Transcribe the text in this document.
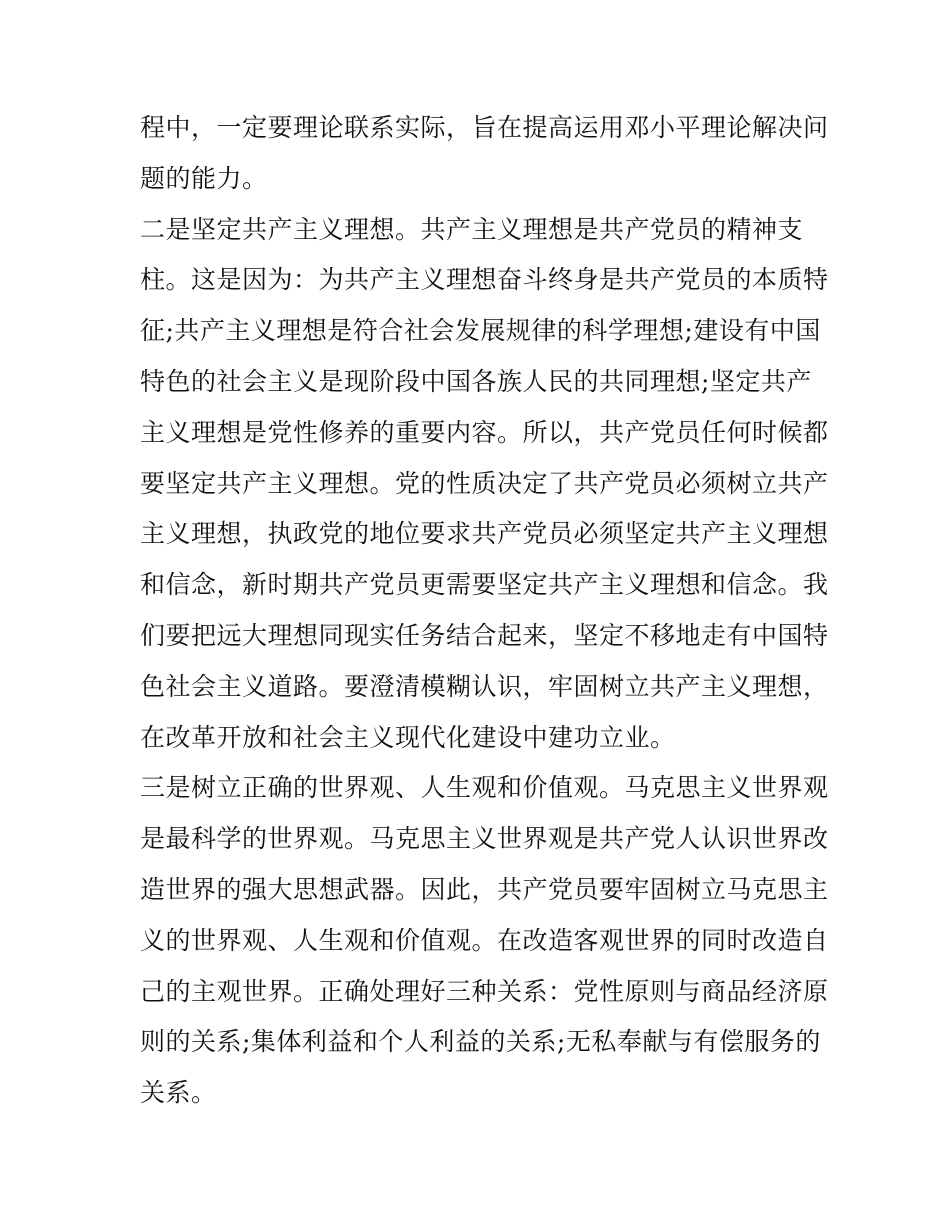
程中，一定要理论联系实际，旨在提高运用邓小平理论解决问
题的能力。
二是坚定共产主义理想。共产主义理想是共产党员的精神支
柱。这是因为：为共产主义理想奋斗终身是共产党员的本质特
征;共产主义理想是符合社会发展规律的科学理想;建设有中国
特色的社会主义是现阶段中国各族人民的共同理想;坚定共产
主义理想是党性修养的重要内容。所以，共产党员任何时候都
要坚定共产主义理想。党的性质决定了共产党员必须树立共产
主义理想，执政党的地位要求共产党员必须坚定共产主义理想
和信念，新时期共产党员更需要坚定共产主义理想和信念。我
们要把远大理想同现实任务结合起来，坚定不移地走有中国特
色社会主义道路。要澄清模糊认识，牢固树立共产主义理想，
在改革开放和社会主义现代化建设中建功立业。
三是树立正确的世界观、人生观和价值观。马克思主义世界观
是最科学的世界观。马克思主义世界观是共产党人认识世界改
造世界的强大思想武器。因此，共产党员要牢固树立马克思主
义的世界观、人生观和价值观。在改造客观世界的同时改造自
己的主观世界。正确处理好三种关系：党性原则与商品经济原
则的关系;集体利益和个人利益的关系;无私奉献与有偿服务的
关系。
